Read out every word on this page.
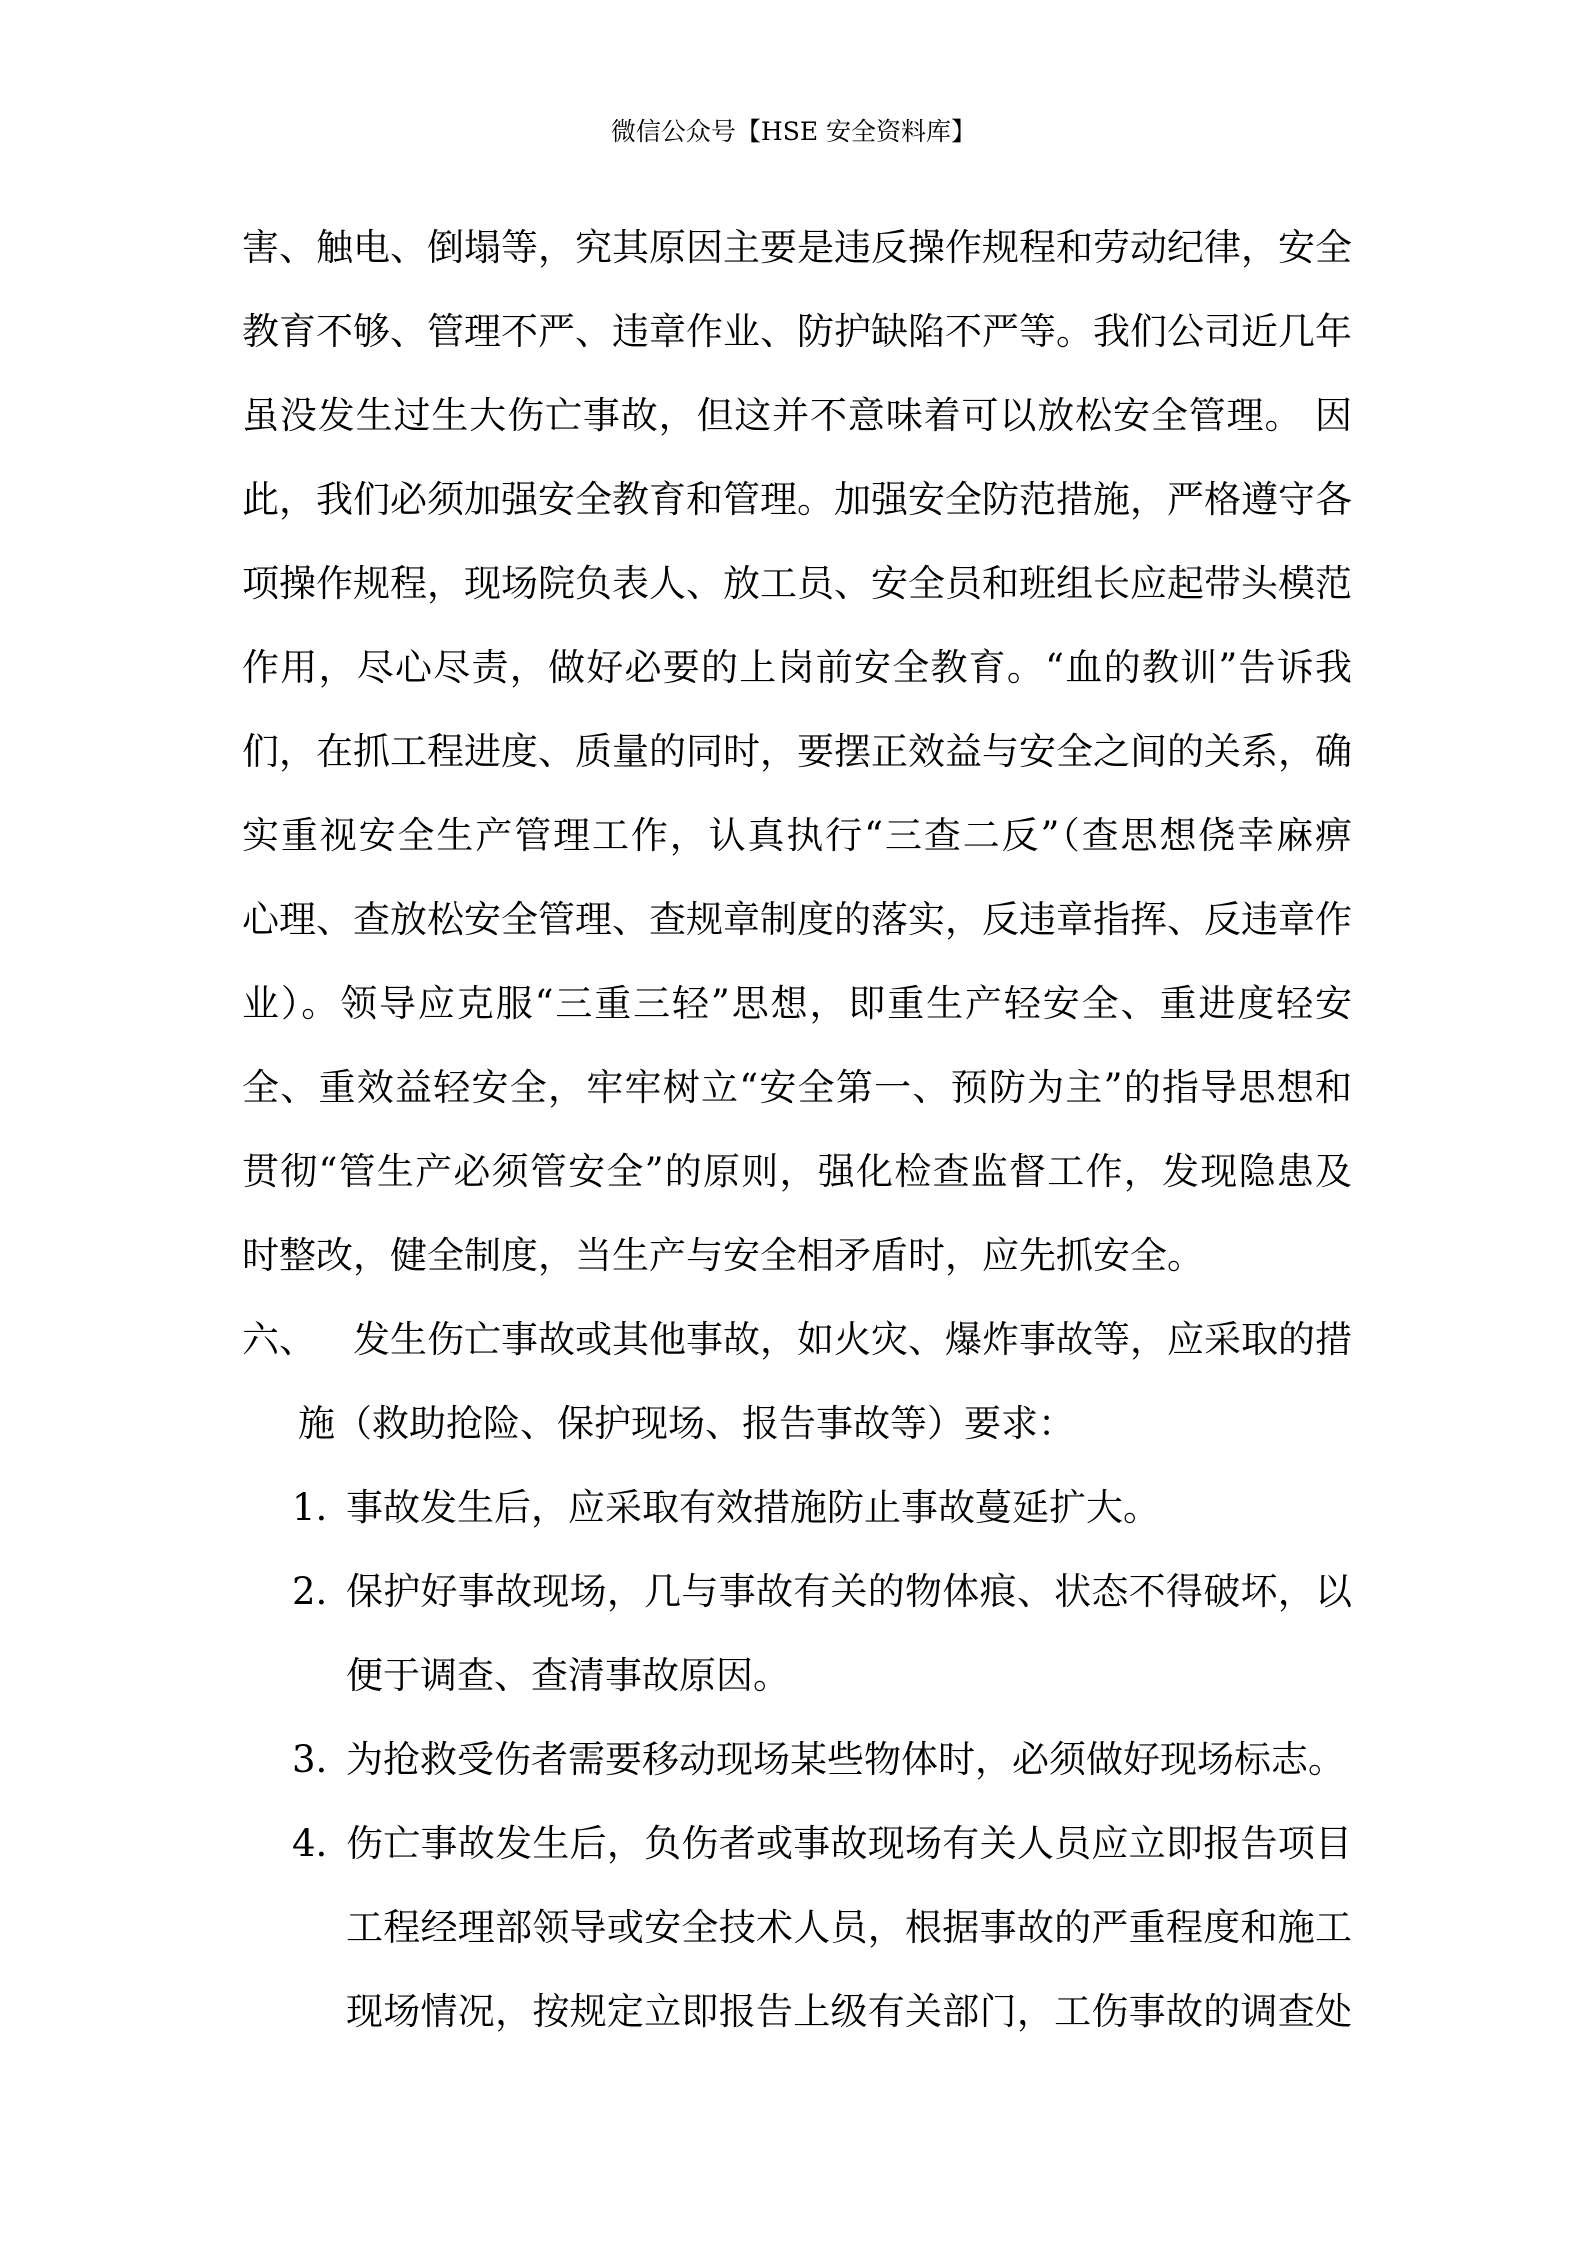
微信公众号【HSE 安全资料库】

害、触电、倒塌等，究其原因主要是违反操作规程和劳动纪律，安全
教育不够、管理不严、违章作业、防护缺陷不严等。我们公司近几年
虽没发生过生大伤亡事故，但这并不意味着可以放松安全管理。 因
此，我们必须加强安全教育和管理。加强安全防范措施，严格遵守各
项操作规程，现场院负表人、放工员、安全员和班组长应起带头模范
作用，尽心尽责，做好必要的上岗前安全教育。“血的教训”告诉我
们，在抓工程进度、质量的同时，要摆正效益与安全之间的关系，确
实重视安全生产管理工作，认真执行“三查二反”（查思想侥幸麻痹
心理、查放松安全管理、查规章制度的落实，反违章指挥、反违章作
业）。领导应克服“三重三轻”思想，即重生产轻安全、重进度轻安
全、重效益轻安全，牢牢树立“安全第一、预防为主”的指导思想和
贯彻“管生产必须管安全”的原则，强化检查监督工作，发现隐患及
时整改，健全制度，当生产与安全相矛盾时，应先抓安全。

六、	发生伤亡事故或其他事故，如火灾、爆炸事故等，应采取的措
施（救助抢险、保护现场、报告事故等）要求：
1. 事故发生后，应采取有效措施防止事故蔓延扩大。
2. 保护好事故现场，几与事故有关的物体痕、状态不得破坏，以
便于调查、查清事故原因。
3. 为抢救受伤者需要移动现场某些物体时，必须做好现场标志。
4. 伤亡事故发生后，负伤者或事故现场有关人员应立即报告项目
工程经理部领导或安全技术人员，根据事故的严重程度和施工
现场情况，按规定立即报告上级有关部门，工伤事故的调查处
